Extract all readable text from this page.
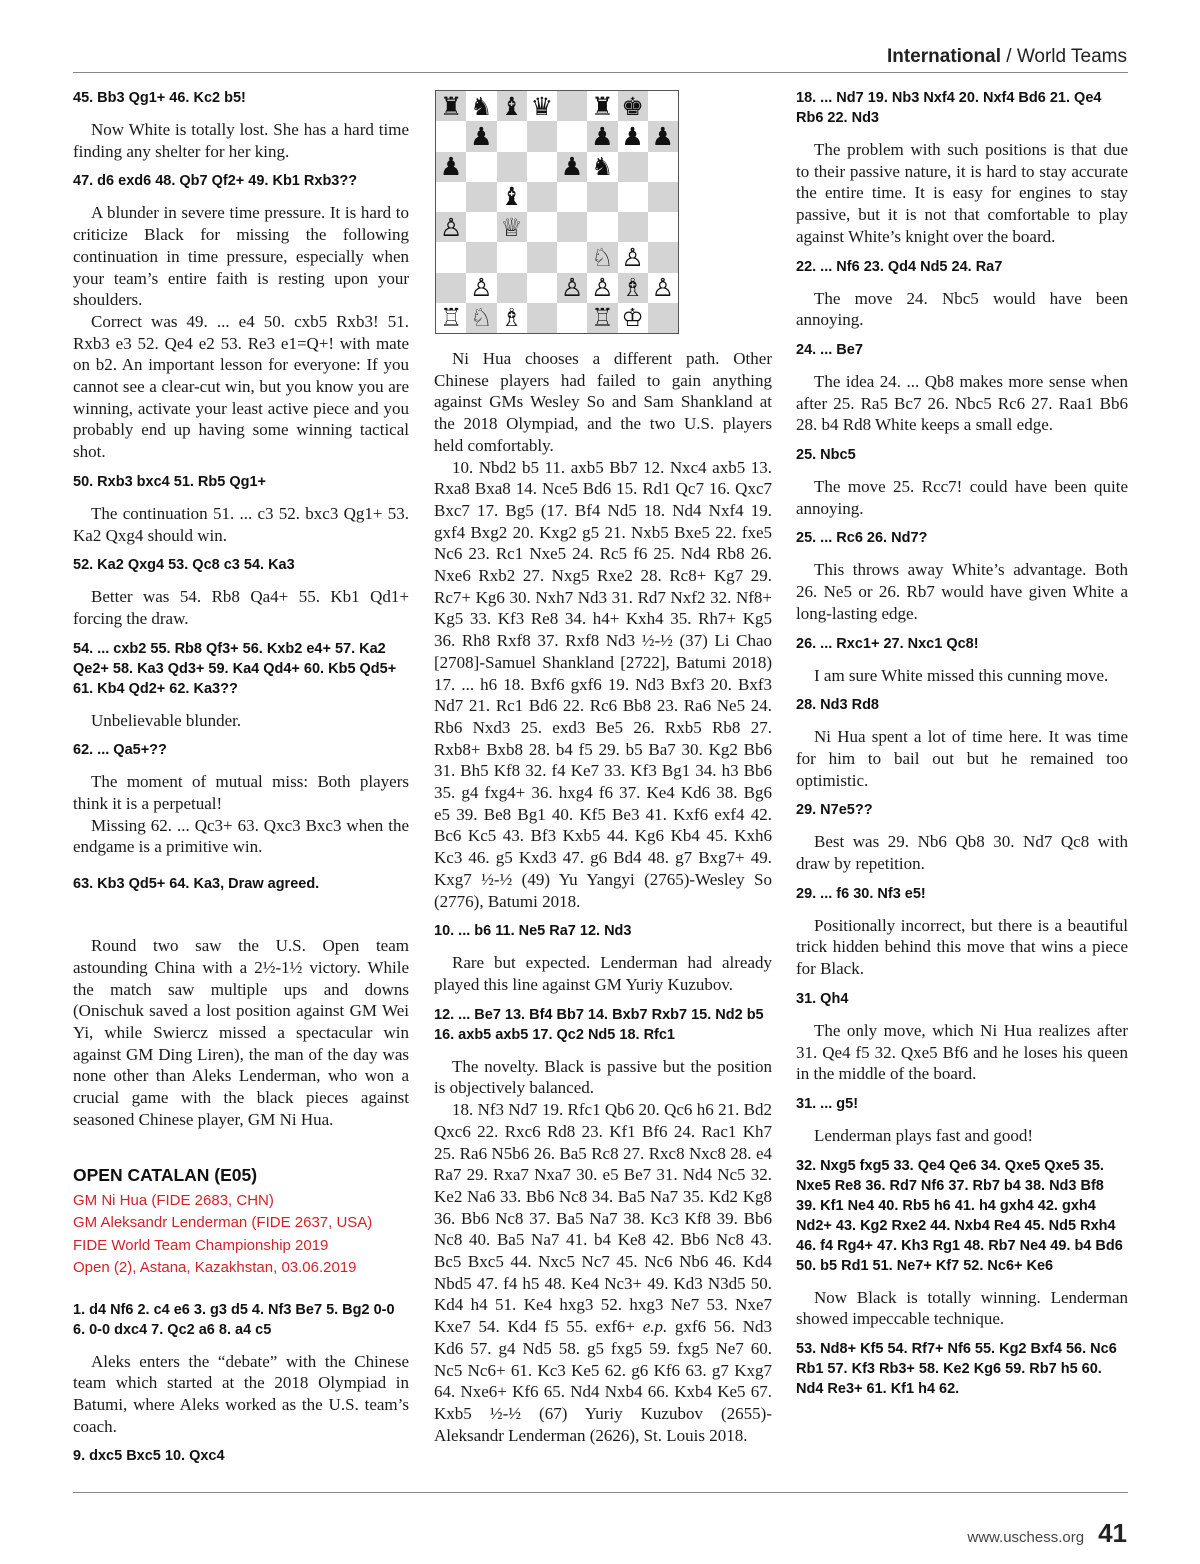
International / World Teams
45. Bb3 Qg1+ 46. Kc2 b5!

Now White is totally lost. She has a hard time finding any shelter for her king.

47. d6 exd6 48. Qb7 Qf2+ 49. Kb1 Rxb3??

A blunder in severe time pressure. It is hard to criticize Black for missing the following continuation in time pressure, especially when your team’s entire faith is resting upon your shoulders.

Correct was 49. ... e4 50. cxb5 Rxb3! 51. Rxb3 e3 52. Qe4 e2 53. Re3 e1=Q+! with mate on b2. An important lesson for everyone: If you cannot see a clear-cut win, but you know you are winning, activate your least active piece and you probably end up having some winning tactical shot.

50. Rxb3 bxc4 51. Rb5 Qg1+

The continuation 51. ... c3 52. bxc3 Qg1+ 53. Ka2 Qxg4 should win.

52. Ka2 Qxg4 53. Qc8 c3 54. Ka3

Better was 54. Rb8 Qa4+ 55. Kb1 Qd1+ forcing the draw.

54. ... cxb2 55. Rb8 Qf3+ 56. Kxb2 e4+ 57. Ka2 Qe2+ 58. Ka3 Qd3+ 59. Ka4 Qd4+ 60. Kb5 Qd5+ 61. Kb4 Qd2+ 62. Ka3??

Unbelievable blunder.

62. ... Qa5+??

The moment of mutual miss: Both players think it is a perpetual!

Missing 62. ... Qc3+ 63. Qxc3 Bxc3 when the endgame is a primitive win.

63. Kb3 Qd5+ 64. Ka3, Draw agreed.

Round two saw the U.S. Open team astounding China with a 2½-1½ victory. While the match saw multiple ups and downs (Onischuk saved a lost position against GM Wei Yi, while Swiercz missed a spectacular win against GM Ding Liren), the man of the day was none other than Aleks Lenderman, who won a crucial game with the black pieces against seasoned Chinese player, GM Ni Hua.

OPEN CATALAN (E05)
GM Ni Hua (FIDE 2683, CHN)
GM Aleksandr Lenderman (FIDE 2637, USA)
FIDE World Team Championship 2019
Open (2), Astana, Kazakhstan, 03.06.2019
1. d4 Nf6 2. c4 e6 3. g3 d5 4. Nf3 Be7 5. Bg2 0-0 6. 0-0 dxc4 7. Qc2 a6 8. a4 c5

Aleks enters the “debate” with the Chinese team which started at the 2018 Olympiad in Batumi, where Aleks worked as the U.S. team’s coach.

9. dxc5 Bxc5 10. Qxc4
♜ ♞ ♝ ♛ ♜ ♚
♟	♟ ♟ ♟
♟	♟ ♞
♝
♙ ♕
♘ ♙
♙	♙ ♙ ♗ ♙
♖ ♘ ♗	♖ ♔

Ni Hua chooses a different path. Other Chinese players had failed to gain anything against GMs Wesley So and Sam Shankland at the 2018 Olympiad, and the two U.S. players held comfortably.

10. Nbd2 b5 11. axb5 Bb7 12. Nxc4 axb5 13. Rxa8 Bxa8 14. Nce5 Bd6 15. Rd1 Qc7 16. Qxc7 Bxc7 17. Bg5 (17. Bf4 Nd5 18. Nd4 Nxf4 19. gxf4 Bxg2 20. Kxg2 g5 21. Nxb5 Bxe5 22. fxe5 Nc6 23. Rc1 Nxe5 24. Rc5 f6 25. Nd4 Rb8 26. Nxe6 Rxb2 27. Nxg5 Rxe2 28. Rc8+ Kg7 29. Rc7+ Kg6 30. Nxh7 Nd3 31. Rd7 Nxf2 32. Nf8+ Kg5 33. Kf3 Re8 34. h4+ Kxh4 35. Rh7+ Kg5 36. Rh8 Rxf8 37. Rxf8 Nd3 ½-½ (37) Li Chao [2708]-Samuel Shankland [2722], Batumi 2018) 17. ... h6 18. Bxf6 gxf6 19. Nd3 Bxf3 20. Bxf3 Nd7 21. Rc1 Bd6 22. Rc6 Bb8 23. Ra6 Ne5 24. Rb6 Nxd3 25. exd3 Be5 26. Rxb5 Rb8 27. Rxb8+ Bxb8 28. b4 f5 29. b5 Ba7 30. Kg2 Bb6 31. Bh5 Kf8 32. f4 Ke7 33. Kf3 Bg1 34. h3 Bb6 35. g4 fxg4+ 36. hxg4 f6 37. Ke4 Kd6 38. Bg6 e5 39. Be8 Bg1 40. Kf5 Be3 41. Kxf6 exf4 42. Bc6 Kc5 43. Bf3 Kxb5 44. Kg6 Kb4 45. Kxh6 Kc3 46. g5 Kxd3 47. g6 Bd4 48. g7 Bxg7+ 49. Kxg7 ½-½ (49) Yu Yangyi (2765)-Wesley So (2776), Batumi 2018.

10. ... b6 11. Ne5 Ra7 12. Nd3

Rare but expected. Lenderman had already played this line against GM Yuriy Kuzubov.

12. ... Be7 13. Bf4 Bb7 14. Bxb7 Rxb7 15. Nd2 b5 16. axb5 axb5 17. Qc2 Nd5 18. Rfc1

The novelty. Black is passive but the position is objectively balanced.

18. Nf3 Nd7 19. Rfc1 Qb6 20. Qc6 h6 21. Bd2 Qxc6 22. Rxc6 Rd8 23. Kf1 Bf6 24. Rac1 Kh7 25. Ra6 N5b6 26. Ba5 Rc8 27. Rxc8 Nxc8 28. e4 Ra7 29. Rxa7 Nxa7 30. e5 Be7 31. Nd4 Nc5 32. Ke2 Na6 33. Bb6 Nc8 34. Ba5 Na7 35. Kd2 Kg8 36. Bb6 Nc8 37. Ba5 Na7 38. Kc3 Kf8 39. Bb6 Nc8 40. Ba5 Na7 41. b4 Ke8 42. Bb6 Nc8 43. Bc5 Bxc5 44. Nxc5 Nc7 45. Nc6 Nb6 46. Kd4 Nbd5 47. f4 h5 48. Ke4 Nc3+ 49. Kd3 N3d5 50. Kd4 h4 51. Ke4 hxg3 52. hxg3 Ne7 53. Nxe7 Kxe7 54. Kd4 f5 55. exf6+ e.p. gxf6 56. Nd3 Kd6 57. g4 Nd5 58. g5 fxg5 59. fxg5 Ne7 60. Nc5 Nc6+ 61. Kc3 Ke5 62. g6 Kf6 63. g7 Kxg7 64. Nxe6+ Kf6 65. Nd4 Nxb4 66. Kxb4 Ke5 67. Kxb5 ½-½ (67) Yuriy Kuzubov (2655)-Aleksandr Lenderman (2626), St. Louis 2018.

18. ... Nd7 19. Nb3 Nxf4 20. Nxf4 Bd6 21. Qe4 Rb6 22. Nd3

The problem with such positions is that due to their passive nature, it is hard to stay accurate the entire time. It is easy for engines to stay passive, but it is not that comfortable to play against White’s knight over the board.

22. ... Nf6 23. Qd4 Nd5 24. Ra7

The move 24. Nbc5 would have been annoying.

24. ... Be7

The idea 24. ... Qb8 makes more sense when after 25. Ra5 Bc7 26. Nbc5 Rc6 27. Raa1 Bb6 28. b4 Rd8 White keeps a small edge.

25. Nbc5

The move 25. Rcc7! could have been quite annoying.

25. ... Rc6 26. Nd7?

This throws away White’s advantage. Both 26. Ne5 or 26. Rb7 would have given White a long-lasting edge.

26. ... Rxc1+ 27. Nxc1 Qc8!

I am sure White missed this cunning move.

28. Nd3 Rd8

Ni Hua spent a lot of time here. It was time for him to bail out but he remained too optimistic.

29. N7e5??

Best was 29. Nb6 Qb8 30. Nd7 Qc8 with draw by repetition.

29. ... f6 30. Nf3 e5!

Positionally incorrect, but there is a beautiful trick hidden behind this move that wins a piece for Black.

31. Qh4

The only move, which Ni Hua realizes after 31. Qe4 f5 32. Qxe5 Bf6 and he loses his queen in the middle of the board.

31. ... g5!

Lenderman plays fast and good!

32. Nxg5 fxg5 33. Qe4 Qe6 34. Qxe5 Qxe5 35. Nxe5 Re8 36. Rd7 Nf6 37. Rb7 b4 38. Nd3 Bf8 39. Kf1 Ne4 40. Rb5 h6 41. h4 gxh4 42. gxh4 Nd2+ 43. Kg2 Rxe2 44. Nxb4 Re4 45. Nd5 Rxh4 46. f4 Rg4+ 47. Kh3 Rg1 48. Rb7 Ne4 49. b4 Bd6 50. b5 Rd1 51. Ne7+ Kf7 52. Nc6+ Ke6

Now Black is totally winning. Lenderman showed impeccable technique.

53. Nd8+ Kf5 54. Rf7+ Nf6 55. Kg2 Bxf4 56. Nc6 Rb1 57. Kf3 Rb3+ 58. Ke2 Kg6 59. Rb7 h5 60. Nd4 Re3+ 61. Kf1 h4 62.
www.uschess.org 41
